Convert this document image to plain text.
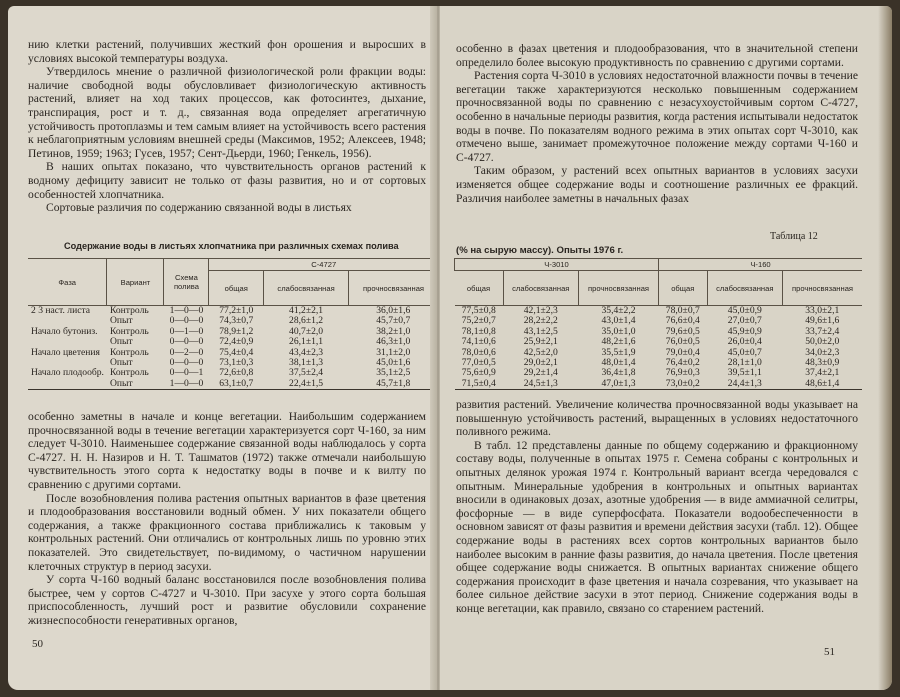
нию клетки растений, получивших жесткий фон орошения и выросших в условиях высокой температуры воздуха.

Утвердилось мнение о различной физиологической роли фракции воды: наличие свободной воды обусловливает физиологическую активность растений, влияет на ход таких процессов, как фотосинтез, дыхание, транспирация, рост и т. д., связанная вода определяет агрегатичную устойчивость протоплазмы и тем самым влияет на устойчивость всего растения к неблагоприятным условиям внешней среды (Максимов, 1952; Алексеев, 1948; Петинов, 1959; 1963; Гусев, 1957; Сент-Дьерди, 1960; Генкель, 1956).

В наших опытах показано, что чувствительность органов растений к водному дефициту зависит не только от фазы развития, но и от сортовых особенностей хлопчатника.

Сортовые различия по содержанию связанной воды в листьях

Содержание воды в листьях хлопчатника при различных схемах полива
Фаза	Вариант	Схема полива	С-4727		
			общая	слабосвязанная	прочносвязанная
2 3 наст. листа	Контроль	1—0—0	77,2±1,0	41,2±2,1	36,0±1,6
	Опыт	0—0—0	74,3±0,7	28,6±1,2	45,7±0,7
Начало бутониз.	Контроль	0—1—0	78,9±1,2	40,7±2,0	38,2±1,0
	Опыт	0—0—0	72,4±0,9	26,1±1,1	46,3±1,0
Начало цветения	Контроль	0—2—0	75,4±0,4	43,4±2,3	31,1±2,0
	Опыт	0—0—0	73,1±0,3	38,1±1,3	45,0±1,6
Начало плодообр.	Контроль	0—0—1	72,6±0,8	37,5±2,4	35,1±2,5
	Опыт	1—0—0	63,1±0,7	22,4±1,5	45,7±1,8

особенно заметны в начале и конце вегетации. Наибольшим содержанием прочносвязанной воды в течение вегетации характеризуется сорт Ч-160, за ним следует Ч-3010. Наименьшее содержание связанной воды наблюдалось у сорта С-4727. Н. Н. Назиров и Н. Т. Ташматов (1972) также отмечали наибольшую чувствительность этого сорта к недостатку воды в почве и к вилту по сравнению с другими сортами.

После возобновления полива растения опытных вариантов в фазе цветения и плодообразования восстановили водный обмен. У них показатели общего содержания, а также фракционного состава приближались к таковым у контрольных растений. Они отличались от контрольных лишь по уровню этих показателей. Это свидетельствует, по-видимому, о частичном нарушении клеточных структур в период засухи.

У сорта Ч-160 водный баланс восстановился после возобновления полива быстрее, чем у сортов С-4727 и Ч-3010. При засухе у этого сорта большая приспособленность, лучший рост и развитие обусловили сохранение жизнеспособности генеративных органов,

50

особенно в фазах цветения и плодообразования, что в значительной степени определило более высокую продуктивность по сравнению с другими сортами.

Растения сорта Ч-3010 в условиях недостаточной влажности почвы в течение вегетации также характеризуются несколько повышенным содержанием прочносвязанной воды по сравнению с незасухоустойчивым сортом С-4727, особенно в начальные периоды развития, когда растения испытывали недостаток воды в почве. По показателям водного режима в этих опытах сорт Ч-3010, как отмечено выше, занимает промежуточное положение между сортами Ч-160 и С-4727.

Таким образом, у растений всех опытных вариантов в условиях засухи изменяется общее содержание воды и соотношение различных ее фракций. Различия наиболее заметны в начальных фазах

Таблица 12
(% на сырую массу). Опыты 1976 г.
Ч-3010			Ч-160		
общая	слабосвязанная	прочносвязанная	общая	слабосвязанная	прочносвязанная
77,5±0,8	42,1±2,3	35,4±2,2	78,0±0,7	45,0±0,9	33,0±2,1
75,2±0,7	28,2±2,2	43,0±1,4	76,6±0,4	27,0±0,7	49,6±1,6
78,1±0,8	43,1±2,5	35,0±1,0	79,6±0,5	45,9±0,9	33,7±2,4
74,1±0,6	25,9±2,1	48,2±1,6	76,0±0,5	26,0±0,4	50,0±2,0
78,0±0,6	42,5±2,0	35,5±1,9	79,0±0,4	45,0±0,7	34,0±2,3
77,0±0,5	29,0±2,1	48,0±1,4	76,4±0,2	28,1±1,0	48,3±0,9
75,6±0,9	29,2±1,4	36,4±1,8	76,9±0,3	39,5±1,1	37,4±2,1
71,5±0,4	24,5±1,3	47,0±1,3	73,0±0,2	24,4±1,3	48,6±1,4

развития растений. Увеличение количества прочносвязанной воды указывает на повышенную устойчивость растений, выращенных в условиях недостаточного поливного режима.

В табл. 12 представлены данные по общему содержанию и фракционному составу воды, полученные в опытах 1975 г. Семена собраны с контрольных и опытных делянок урожая 1974 г. Контрольный вариант всегда чередовался с опытным. Минеральные удобрения в контрольных и опытных вариантах вносили в одинаковых дозах, азотные удобрения — в виде аммиачной селитры, фосфорные — в виде суперфосфата. Показатели водообеспеченности в основном зависят от фазы развития и времени действия засухи (табл. 12). Общее содержание воды в растениях всех сортов контрольных вариантов было наиболее высоким в ранние фазы развития, до начала цветения. После цветения общее содержание воды снижается. В опытных вариантах снижение общего содержания происходит в фазе цветения и начала созревания, что указывает на более сильное действие засухи в этот период. Снижение содержания воды в конце вегетации, как правило, связано со старением растений.

51
